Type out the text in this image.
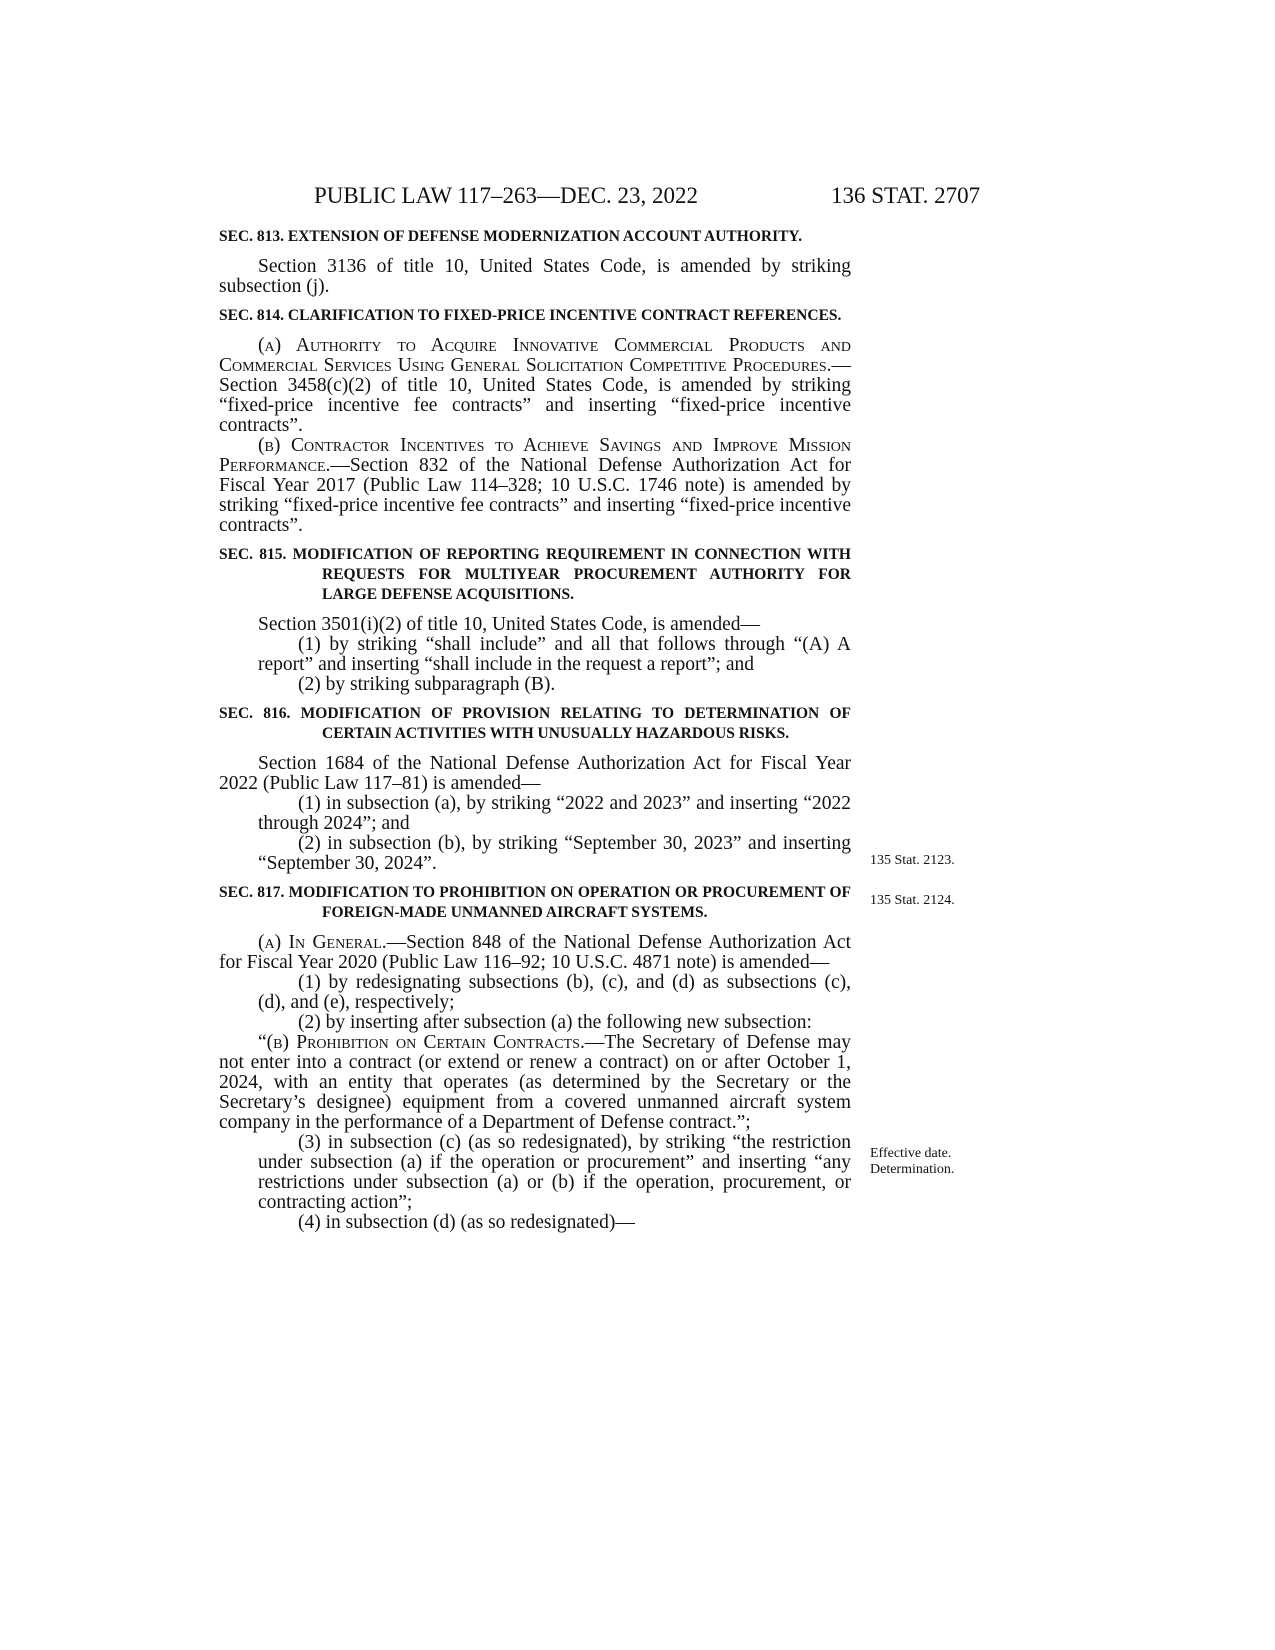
PUBLIC LAW 117–263—DEC. 23, 2022	136 STAT. 2707

SEC. 813. EXTENSION OF DEFENSE MODERNIZATION ACCOUNT AUTHORITY.

Section 3136 of title 10, United States Code, is amended by striking subsection (j).

SEC. 814. CLARIFICATION TO FIXED-PRICE INCENTIVE CONTRACT REFERENCES.

(a) Authority to Acquire Innovative Commercial Products and Commercial Services Using General Solicitation Competitive Procedures.—Section 3458(c)(2) of title 10, United States Code, is amended by striking “fixed-price incentive fee contracts” and inserting “fixed-price incentive contracts”.

(b) Contractor Incentives to Achieve Savings and Improve Mission Performance.—Section 832 of the National Defense Authorization Act for Fiscal Year 2017 (Public Law 114–328; 10 U.S.C. 1746 note) is amended by striking “fixed-price incentive fee contracts” and inserting “fixed-price incentive contracts”.

SEC. 815. MODIFICATION OF REPORTING REQUIREMENT IN CONNECTION WITH REQUESTS FOR MULTIYEAR PROCUREMENT AUTHORITY FOR LARGE DEFENSE ACQUISITIONS.

Section 3501(i)(2) of title 10, United States Code, is amended—

(1) by striking “shall include” and all that follows through “(A) A report” and inserting “shall include in the request a report”; and

(2) by striking subparagraph (B).

SEC. 816. MODIFICATION OF PROVISION RELATING TO DETERMINATION OF CERTAIN ACTIVITIES WITH UNUSUALLY HAZARDOUS RISKS.

Section 1684 of the National Defense Authorization Act for Fiscal Year 2022 (Public Law 117–81) is amended—

(1) in subsection (a), by striking “2022 and 2023” and inserting “2022 through 2024”; and

(2) in subsection (b), by striking “September 30, 2023” and inserting “September 30, 2024”.

SEC. 817. MODIFICATION TO PROHIBITION ON OPERATION OR PROCUREMENT OF FOREIGN-MADE UNMANNED AIRCRAFT SYSTEMS.

(a) In General.—Section 848 of the National Defense Authorization Act for Fiscal Year 2020 (Public Law 116–92; 10 U.S.C. 4871 note) is amended—

(1) by redesignating subsections (b), (c), and (d) as subsections (c), (d), and (e), respectively;

(2) by inserting after subsection (a) the following new subsection:

“(b) Prohibition on Certain Contracts.—The Secretary of Defense may not enter into a contract (or extend or renew a contract) on or after October 1, 2024, with an entity that operates (as determined by the Secretary or the Secretary’s designee) equipment from a covered unmanned aircraft system company in the performance of a Department of Defense contract.”;

(3) in subsection (c) (as so redesignated), by striking “the restriction under subsection (a) if the operation or procurement” and inserting “any restrictions under subsection (a) or (b) if the operation, procurement, or contracting action”;

(4) in subsection (d) (as so redesignated)—

135 Stat. 2123.
135 Stat. 2124.
Effective date.
Determination.
